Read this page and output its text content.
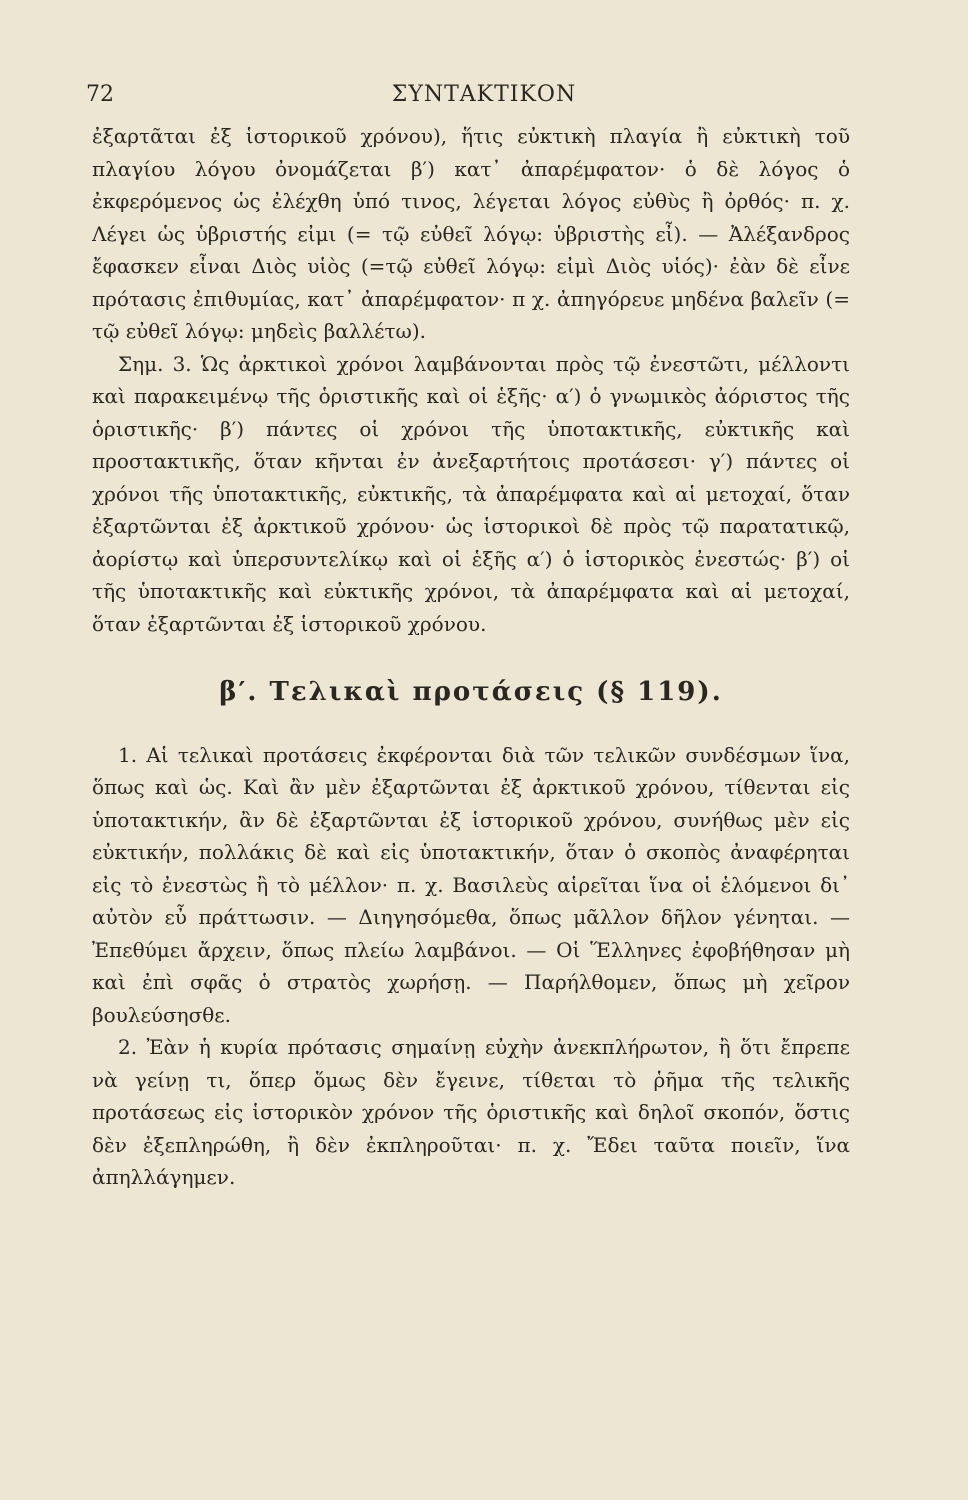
72	ΣΥΝΤΑΚΤΙΚΟΝ

ἐξαρτᾶται ἐξ ἱστορικοῦ χρόνου), ἥτις εὐκτικὴ πλαγία ἢ εὐκτικὴ τοῦ πλαγίου λόγου ὀνομάζεται β′) κατ᾿ ἀπαρέμφατον· ὁ δὲ λόγος ὁ ἐκφερόμενος ὡς ἐλέχθη ὑπό τινος, λέγεται λόγος εὐθὺς ἢ ὀρθός· π. χ. Λέγει ὡς ὑβριστής εἰμι (= τῷ εὐθεῖ λόγῳ: ὑβριστὴς εἶ). — Ἀλέξανδρος ἔφασκεν εἶναι Διὸς υἱὸς (=τῷ εὐθεῖ λόγῳ: εἰμὶ Διὸς υἱός)· ἐὰν δὲ εἶνε πρότασις ἐπιθυμίας, κατ᾿ ἀπαρέμφατον· π χ. ἀπηγόρευε μηδένα βαλεῖν (= τῷ εὐθεῖ λόγῳ: μηδεὶς βαλλέτω).

Σημ. 3. Ὡς ἀρκτικοὶ χρόνοι λαμβάνονται πρὸς τῷ ἐνεστῶτι, μέλλοντι καὶ παρακειμένῳ τῆς ὁριστικῆς καὶ οἱ ἑξῆς· α′) ὁ γνωμικὸς ἀόριστος τῆς ὁριστικῆς· β′) πάντες οἱ χρόνοι τῆς ὑποτακτικῆς, εὐκτικῆς καὶ προστακτικῆς, ὅταν κῆνται ἐν ἀνεξαρτήτοις προτάσεσι· γ′) πάντες οἱ χρόνοι τῆς ὑποτακτικῆς, εὐκτικῆς, τὰ ἀπαρέμφατα καὶ αἱ μετοχαί, ὅταν ἐξαρτῶνται ἐξ ἀρκτικοῦ χρόνου· ὡς ἱστορικοὶ δὲ πρὸς τῷ παρατατικῷ, ἀορίστῳ καὶ ὑπερσυντελίκῳ καὶ οἱ ἑξῆς α′) ὁ ἱστορικὸς ἐνεστώς· β′) οἱ τῆς ὑποτακτικῆς καὶ εὐκτικῆς χρόνοι, τὰ ἀπαρέμφατα καὶ αἱ μετοχαί, ὅταν ἐξαρτῶνται ἐξ ἱστορικοῦ χρόνου.

β′. Τελικαὶ προτάσεις (§ 119).

1. Αἱ τελικαὶ προτάσεις ἐκφέρονται διὰ τῶν τελικῶν συνδέσμων ἵνα, ὅπως καὶ ὡς. Καὶ ἂν μὲν ἐξαρτῶνται ἐξ ἀρκτικοῦ χρόνου, τίθενται εἰς ὑποτακτικήν, ἂν δὲ ἐξαρτῶνται ἐξ ἱστορικοῦ χρόνου, συνήθως μὲν εἰς εὐκτικήν, πολλάκις δὲ καὶ εἰς ὑποτακτικήν, ὅταν ὁ σκοπὸς ἀναφέρηται εἰς τὸ ἐνεστὼς ἢ τὸ μέλλον· π. χ. Βασιλεὺς αἱρεῖται ἵνα οἱ ἑλόμενοι δι᾿ αὐτὸν εὖ πράττωσιν. — Διηγησόμεθα, ὅπως μᾶλλον δῆλον γένηται. — Ἐπεθύμει ἄρχειν, ὅπως πλείω λαμβάνοι. — Οἱ Ἕλληνες ἐφοβήθησαν μὴ καὶ ἐπὶ σφᾶς ὁ στρατὸς χωρήσῃ. — Παρήλθομεν, ὅπως μὴ χεῖρον βουλεύσησθε.

2. Ἐὰν ἡ κυρία πρότασις σημαίνῃ εὐχὴν ἀνεκπλήρωτον, ἢ ὅτι ἔπρεπε νὰ γείνῃ τι, ὅπερ ὅμως δὲν ἔγεινε, τίθεται τὸ ῥῆμα τῆς τελικῆς προτάσεως εἰς ἱστορικὸν χρόνον τῆς ὁριστικῆς καὶ δηλοῖ σκοπόν, ὅστις δὲν ἐξεπληρώθη, ἢ δὲν ἐκπληροῦται· π. χ. Ἔδει ταῦτα ποιεῖν, ἵνα ἀπηλλάγημεν.
